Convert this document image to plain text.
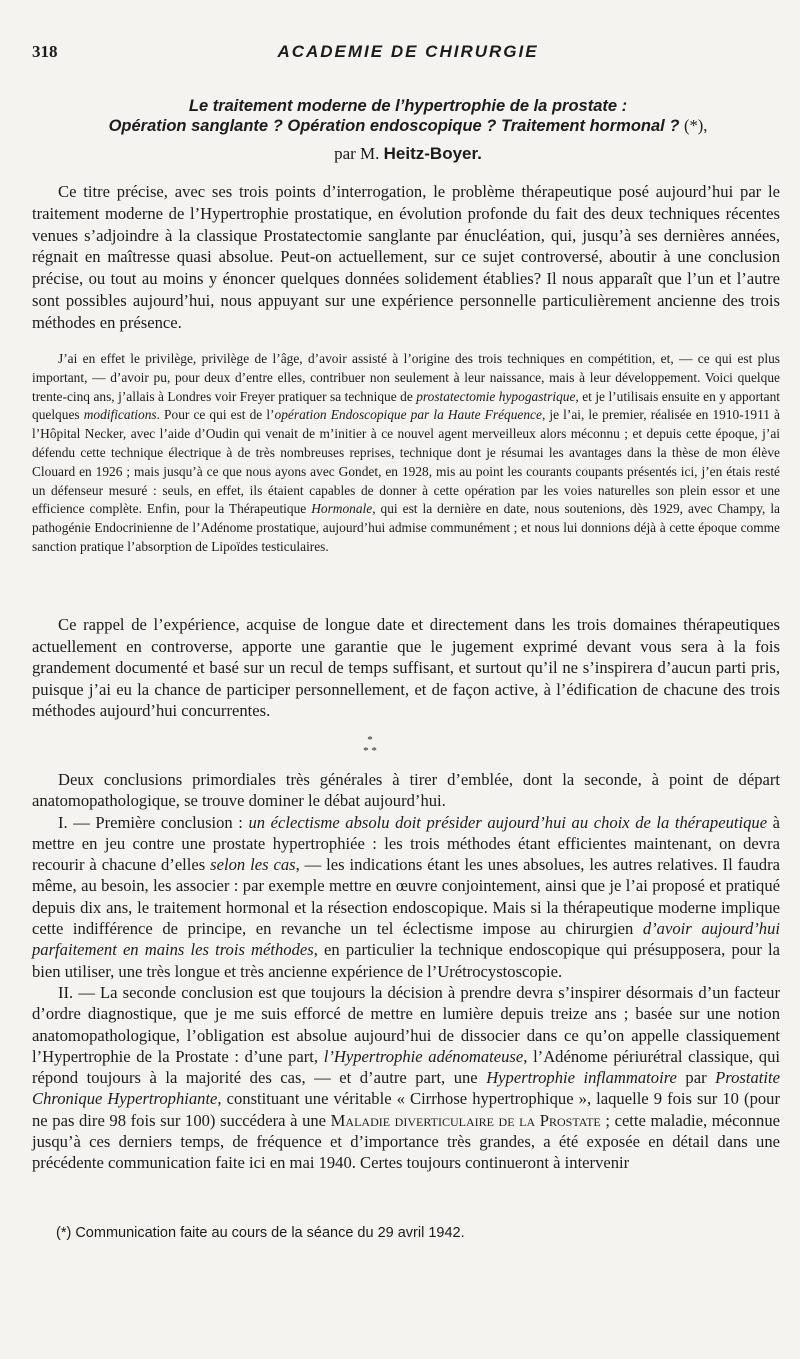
318	ACADEMIE DE CHIRURGIE
Le traitement moderne de l’hypertrophie de la prostate :
Opération sanglante ? Opération endoscopique ? Traitement hormonal ? (*),
par M. Heitz-Boyer.

Ce titre précise, avec ses trois points d’interrogation, le problème thérapeutique posé aujourd’hui par le traitement moderne de l’Hypertrophie prostatique, en évolution profonde du fait des deux techniques récentes venues s’adjoindre à la classique Prostatectomie sanglante par énucléation, qui, jusqu’à ses dernières années, régnait en maîtresse quasi absolue. Peut-on actuellement, sur ce sujet controversé, aboutir à une conclusion précise, ou tout au moins y énoncer quelques données solidement établies? Il nous apparaît que l’un et l’autre sont possibles aujourd’hui, nous appuyant sur une expérience personnelle particulièrement ancienne des trois méthodes en présence.

J’ai en effet le privilège, privilège de l’âge, d’avoir assisté à l’origine des trois techniques en compétition, et, — ce qui est plus important, — d’avoir pu, pour deux d’entre elles, contribuer non seulement à leur naissance, mais à leur développement. Voici quelque trente-cinq ans, j’allais à Londres voir Freyer pratiquer sa technique de prostatectomie hypogastrique, et je l’utilisais ensuite en y apportant quelques modifications. Pour ce qui est de l’opération Endoscopique par la Haute Fréquence, je l’ai, le premier, réalisée en 1910-1911 à l’Hôpital Necker, avec l’aide d’Oudin qui venait de m’initier à ce nouvel agent merveilleux alors méconnu ; et depuis cette époque, j’ai défendu cette technique électrique à de très nombreuses reprises, technique dont je résumai les avantages dans la thèse de mon élève Clouard en 1926 ; mais jusqu’à ce que nous ayons avec Gondet, en 1928, mis au point les courants coupants présentés ici, j’en étais resté un défenseur mesuré : seuls, en effet, ils étaient capables de donner à cette opération par les voies naturelles son plein essor et une efficience complète. Enfin, pour la Thérapeutique Hormonale, qui est la dernière en date, nous soutenions, dès 1929, avec Champy, la pathogénie Endocrinienne de l’Adénome prostatique, aujourd’hui admise communément ; et nous lui donnions déjà à cette époque comme sanction pratique l’absorption de Lipoïdes testiculaires.

Ce rappel de l’expérience, acquise de longue date et directement dans les trois domaines thérapeutiques actuellement en controverse, apporte une garantie que le jugement exprimé devant vous sera à la fois grandement documenté et basé sur un recul de temps suffisant, et surtout qu’il ne s’inspirera d’aucun parti pris, puisque j’ai eu la chance de participer personnellement, et de façon active, à l’édification de chacune des trois méthodes aujourd’hui concurrentes.

*
* *

Deux conclusions primordiales très générales à tirer d’emblée, dont la seconde, à point de départ anatomopathologique, se trouve dominer le débat aujourd’hui.

I. — Première conclusion : un éclectisme absolu doit présider aujourd’hui au choix de la thérapeutique à mettre en jeu contre une prostate hypertrophiée : les trois méthodes étant efficientes maintenant, on devra recourir à chacune d’elles selon les cas, — les indications étant les unes absolues, les autres relatives. Il faudra même, au besoin, les associer : par exemple mettre en œuvre conjointement, ainsi que je l’ai proposé et pratiqué depuis dix ans, le traitement hormonal et la résection endoscopique. Mais si la thérapeutique moderne implique cette indifférence de principe, en revanche un tel éclectisme impose au chirurgien d’avoir aujourd’hui parfaitement en mains les trois méthodes, en particulier la technique endoscopique qui présupposera, pour la bien utiliser, une très longue et très ancienne expérience de l’Urétrocystoscopie.

II. — La seconde conclusion est que toujours la décision à prendre devra s’inspirer désormais d’un facteur d’ordre diagnostique, que je me suis efforcé de mettre en lumière depuis treize ans ; basée sur une notion anatomopathologique, l’obligation est absolue aujourd’hui de dissocier dans ce qu’on appelle classiquement l’Hypertrophie de la Prostate : d’une part, l’Hypertrophie adénomateuse, l’Adénome périurétral classique, qui répond toujours à la majorité des cas, — et d’autre part, une Hypertrophie inflammatoire par Prostatite Chronique Hypertrophiante, constituant une véritable « Cirrhose hypertrophique », laquelle 9 fois sur 10 (pour ne pas dire 98 fois sur 100) succédera à une Maladie diverticulaire de la Prostate ; cette maladie, méconnue jusqu’à ces derniers temps, de fréquence et d’importance très grandes, a été exposée en détail dans une précédente communication faite ici en mai 1940. Certes toujours continueront à intervenir

(*) Communication faite au cours de la séance du 29 avril 1942.
